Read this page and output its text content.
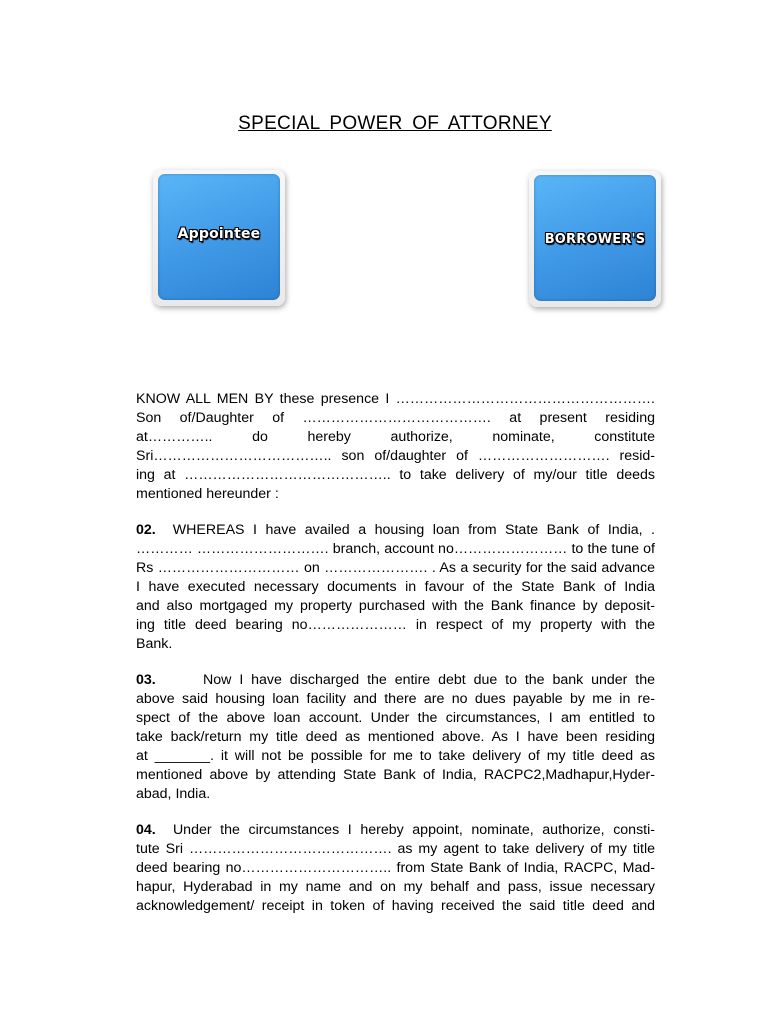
SPECIAL POWER OF ATTORNEY
Appointee	BORROWER'S
KNOW ALL MEN BY these presence I ……………………………………………….
Son of/Daughter of …………………………………. at present residing
at………….. do hereby authorize, nominate, constitute
Sri……………………………….. son of/daughter of ………………………. resid-
ing at …………………………………….. to take delivery of my/our title deeds
mentioned hereunder :
02. WHEREAS I have availed a housing loan from State Bank of India, .
………… ………………………. branch, account no…………………… to the tune of
Rs ………………………… on …………………. . As a security for the said advance
I have executed necessary documents in favour of the State Bank of India
and also mortgaged my property purchased with the Bank finance by deposit-
ing title deed bearing no………………… in respect of my property with the
Bank.
03.	Now I have discharged the entire debt due to the bank under the
above said housing loan facility and there are no dues payable by me in re-
spect of the above loan account. Under the circumstances, I am entitled to
take back/return my title deed as mentioned above. As I have been residing
at _______. it will not be possible for me to take delivery of my title deed as
mentioned above by attending State Bank of India, RACPC2,Madhapur,Hyder-
abad, India.
04. Under the circumstances I hereby appoint, nominate, authorize, consti-
tute Sri ……………………………………. as my agent to take delivery of my title
deed bearing no………………………….. from State Bank of India, RACPC, Mad-
hapur, Hyderabad in my name and on my behalf and pass, issue necessary
acknowledgement/ receipt in token of having received the said title deed and
